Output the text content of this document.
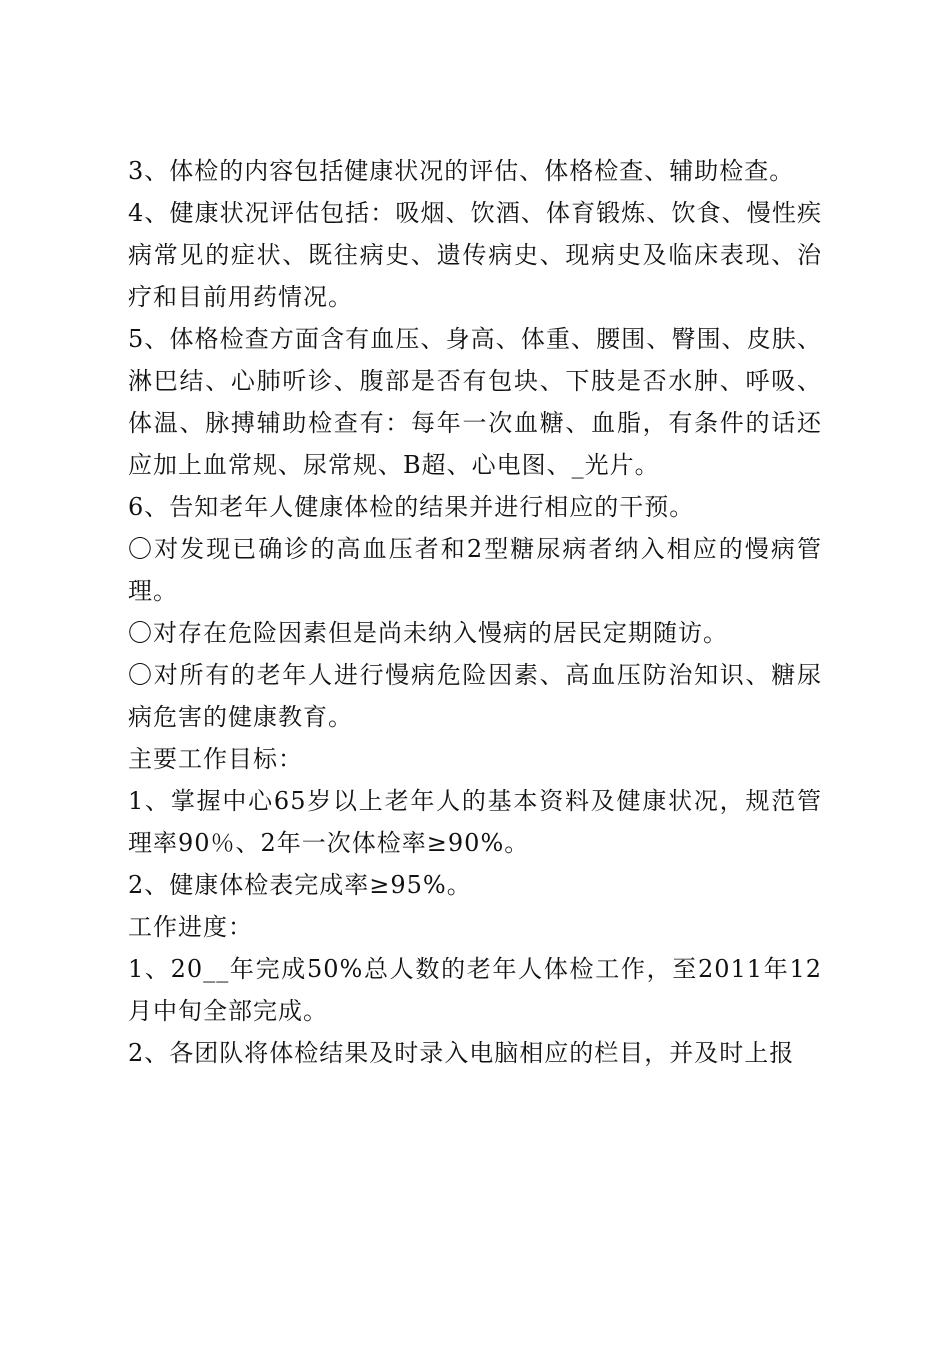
3、体检的内容包括健康状况的评估、体格检查、辅助检查。

4、健康状况评估包括：吸烟、饮酒、体育锻炼、饮食、慢性疾病常见的症状、既往病史、遗传病史、现病史及临床表现、治疗和目前用药情况。

5、体格检查方面含有血压、身高、体重、腰围、臀围、皮肤、淋巴结、心肺听诊、腹部是否有包块、下肢是否水肿、呼吸、体温、脉搏辅助检查有：每年一次血糖、血脂，有条件的话还应加上血常规、尿常规、B超、心电图、_光片。

6、告知老年人健康体检的结果并进行相应的干预。

〇对发现已确诊的高血压者和2型糖尿病者纳入相应的慢病管理。

〇对存在危险因素但是尚未纳入慢病的居民定期随访。

〇对所有的老年人进行慢病危险因素、高血压防治知识、糖尿病危害的健康教育。

主要工作目标：

1、掌握中心65岁以上老年人的基本资料及健康状况，规范管理率90％、2年一次体检率≥90%。

2、健康体检表完成率≥95%。

工作进度：

1、20__年完成50%总人数的老年人体检工作，至2011年12月中旬全部完成。

2、各团队将体检结果及时录入电脑相应的栏目，并及时上报
